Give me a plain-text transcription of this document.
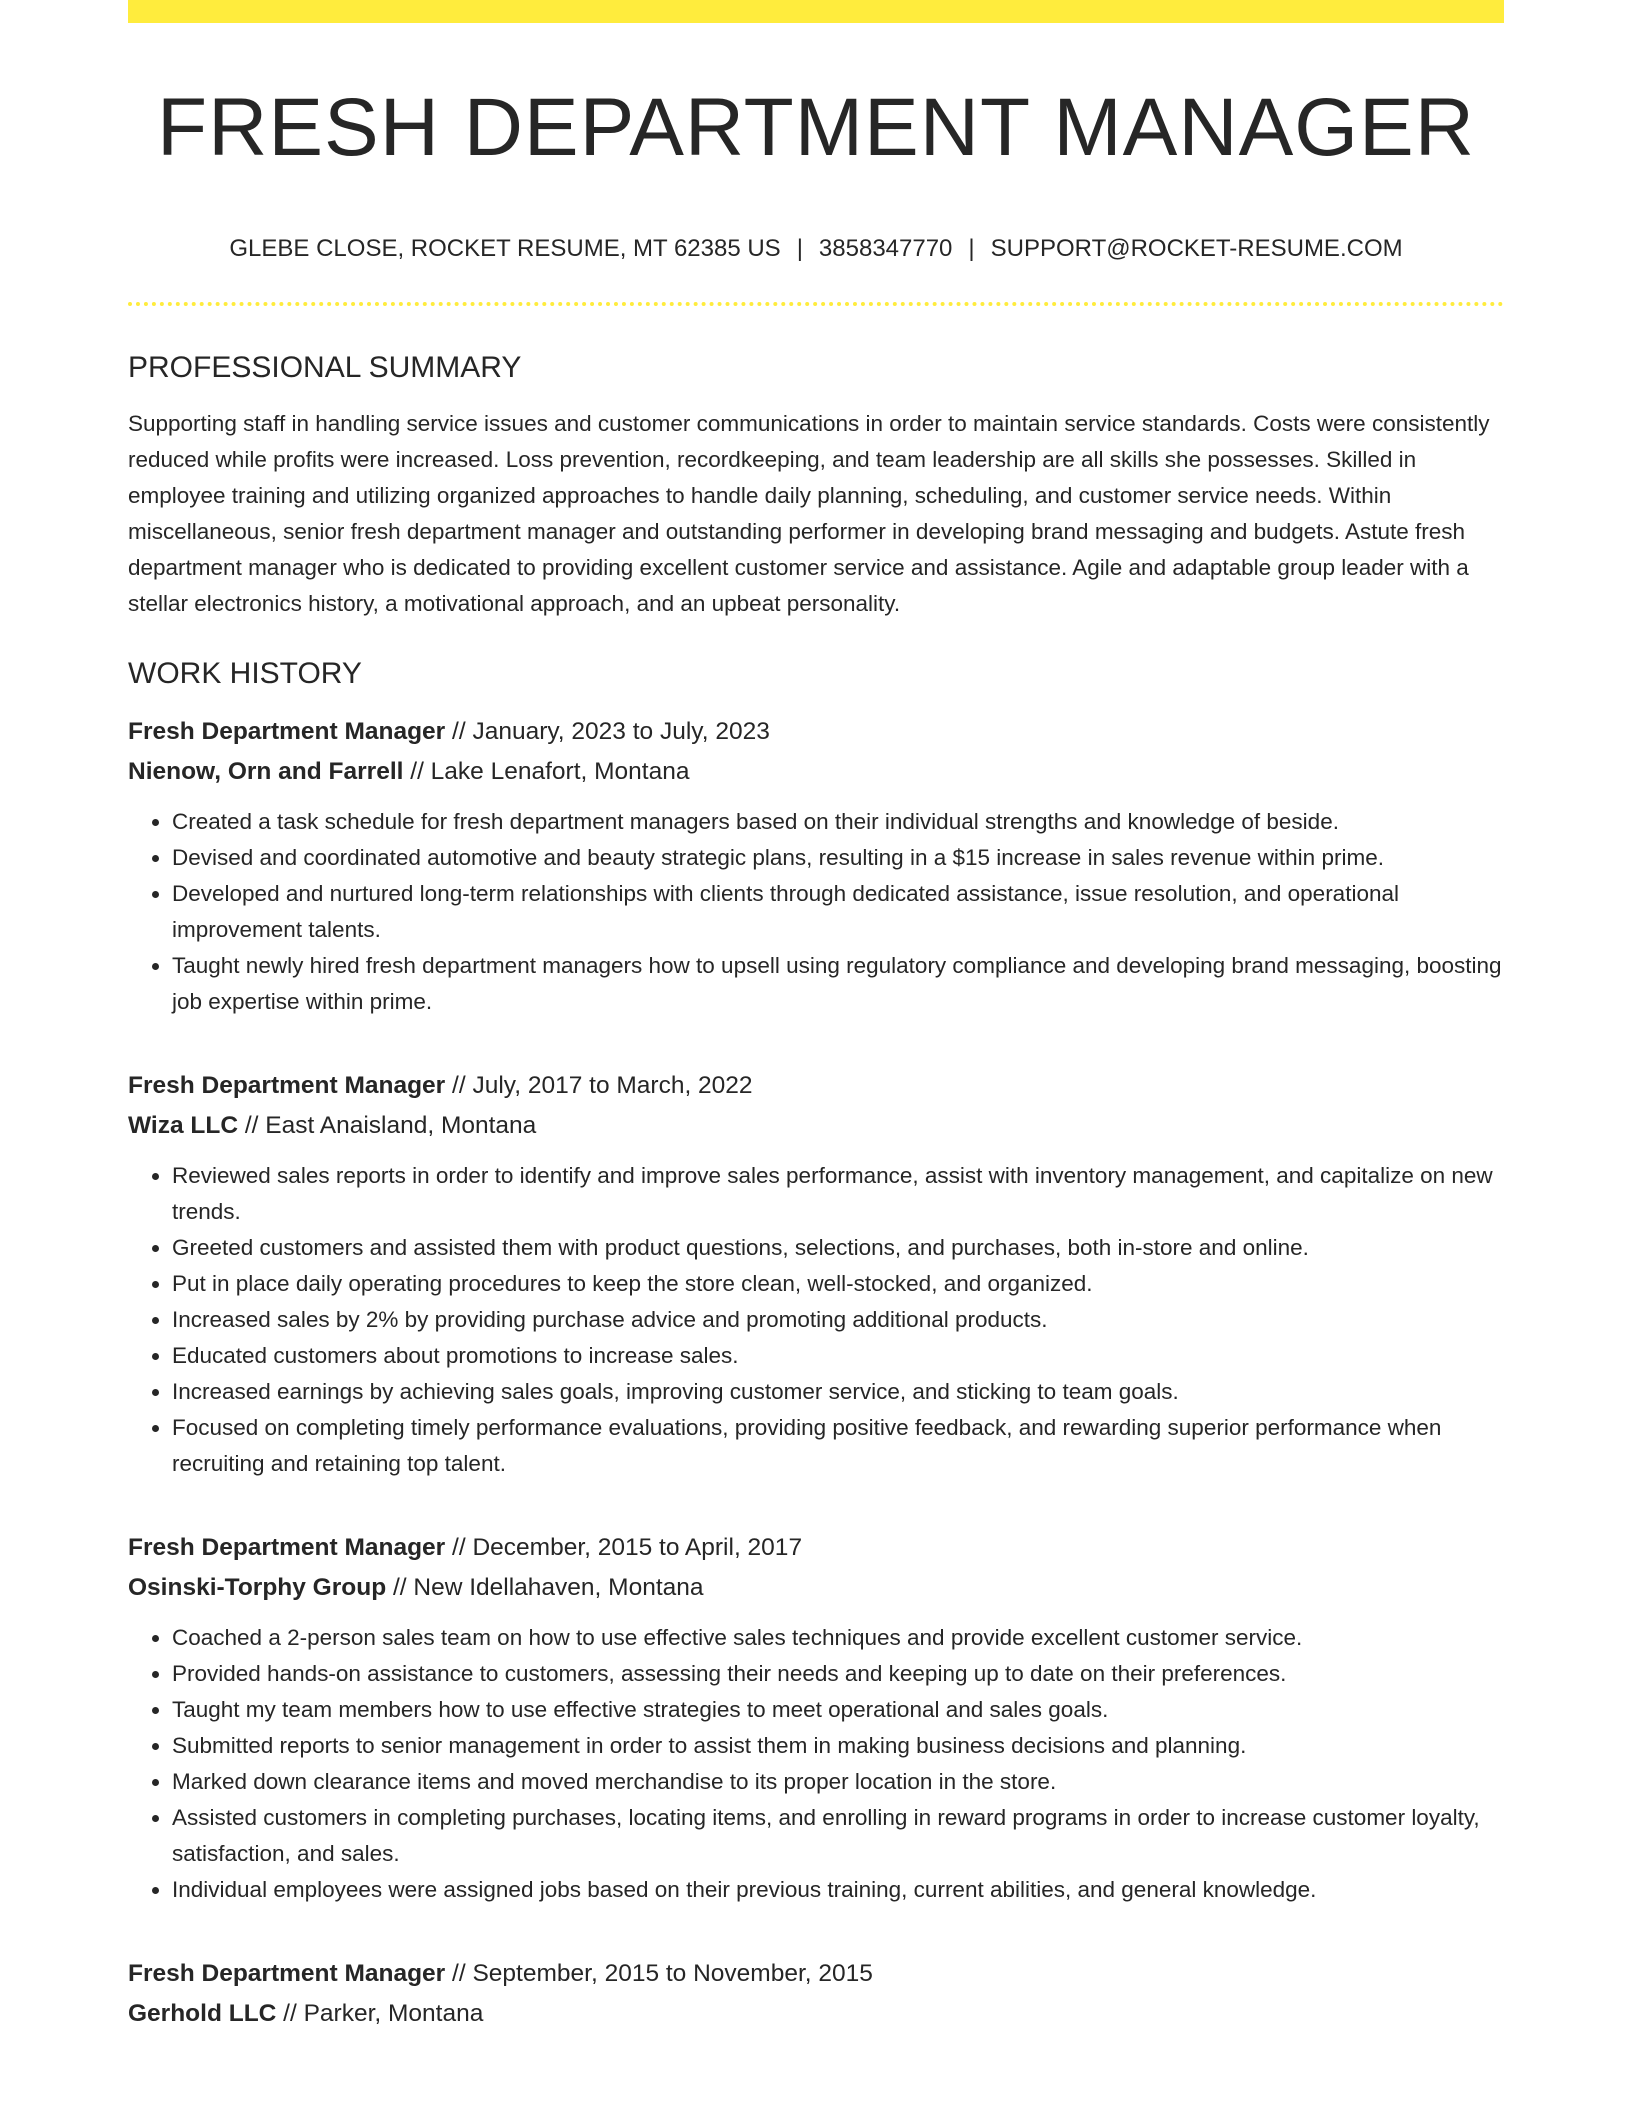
FRESH DEPARTMENT MANAGER
GLEBE CLOSE, ROCKET RESUME, MT 62385 US | 3858347770 | SUPPORT@ROCKET-RESUME.COM
PROFESSIONAL SUMMARY

Supporting staff in handling service issues and customer communications in order to maintain service standards. Costs were consistently reduced while profits were increased. Loss prevention, recordkeeping, and team leadership are all skills she possesses. Skilled in employee training and utilizing organized approaches to handle daily planning, scheduling, and customer service needs. Within miscellaneous, senior fresh department manager and outstanding performer in developing brand messaging and budgets. Astute fresh department manager who is dedicated to providing excellent customer service and assistance. Agile and adaptable group leader with a stellar electronics history, a motivational approach, and an upbeat personality.

WORK HISTORY
Fresh Department Manager // January, 2023 to July, 2023
Nienow, Orn and Farrell // Lake Lenafort, Montana
• Created a task schedule for fresh department managers based on their individual strengths and knowledge of beside.
• Devised and coordinated automotive and beauty strategic plans, resulting in a $15 increase in sales revenue within prime.
• Developed and nurtured long-term relationships with clients through dedicated assistance, issue resolution, and operational improvement talents.
• Taught newly hired fresh department managers how to upsell using regulatory compliance and developing brand messaging, boosting job expertise within prime.
Fresh Department Manager // July, 2017 to March, 2022
Wiza LLC // East Anaisland, Montana
• Reviewed sales reports in order to identify and improve sales performance, assist with inventory management, and capitalize on new trends.
• Greeted customers and assisted them with product questions, selections, and purchases, both in-store and online.
• Put in place daily operating procedures to keep the store clean, well-stocked, and organized.
• Increased sales by 2% by providing purchase advice and promoting additional products.
• Educated customers about promotions to increase sales.
• Increased earnings by achieving sales goals, improving customer service, and sticking to team goals.
• Focused on completing timely performance evaluations, providing positive feedback, and rewarding superior performance when recruiting and retaining top talent.
Fresh Department Manager // December, 2015 to April, 2017
Osinski-Torphy Group // New Idellahaven, Montana
• Coached a 2-person sales team on how to use effective sales techniques and provide excellent customer service.
• Provided hands-on assistance to customers, assessing their needs and keeping up to date on their preferences.
• Taught my team members how to use effective strategies to meet operational and sales goals.
• Submitted reports to senior management in order to assist them in making business decisions and planning.
• Marked down clearance items and moved merchandise to its proper location in the store.
• Assisted customers in completing purchases, locating items, and enrolling in reward programs in order to increase customer loyalty, satisfaction, and sales.
• Individual employees were assigned jobs based on their previous training, current abilities, and general knowledge.
Fresh Department Manager // September, 2015 to November, 2015
Gerhold LLC // Parker, Montana
